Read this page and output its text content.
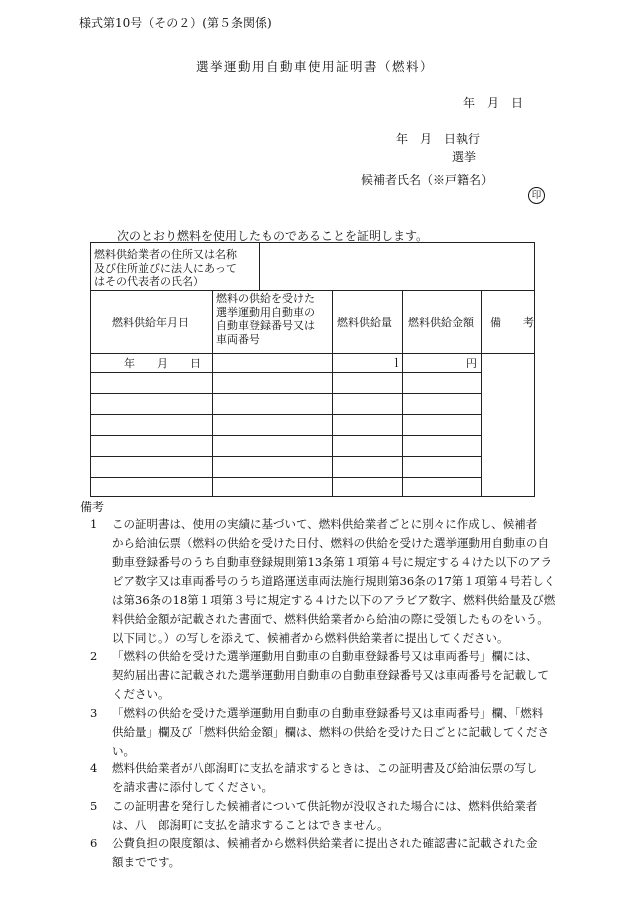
様式第10号（その２）(第５条関係)
選挙運動用自動車使用証明書（燃料）
年　月　日
年　月　日執行
選挙
候補者氏名（※戸籍名）
印
次のとおり燃料を使用したものであることを証明します。
燃料供給業者の住所又は名称
及び住所並びに法人にあって
はその代表者の氏名）
燃料供給年月日
燃料の供給を受けた
選挙運動用自動車の
自動車登録番号又は
車両番号
燃料供給量 燃料供給金額 備　　考
年　　月　　日	ｌ	円
備考
1 この証明書は、使用の実績に基づいて、燃料供給業者ごとに別々に作成し、候補者
から給油伝票（燃料の供給を受けた日付、燃料の供給を受けた選挙運動用自動車の自
動車登録番号のうち自動車登録規則第13条第１項第４号に規定する４けた以下のアラ
ビア数字又は車両番号のうち道路運送車両法施行規則第36条の17第１項第４号若しく
は第36条の18第１項第３号に規定する４けた以下のアラビア数字、燃料供給量及び燃
料供給金額が記載された書面で、燃料供給業者から給油の際に受領したものをいう。
以下同じ。）の写しを添えて、候補者から燃料供給業者に提出してください。
2 「燃料の供給を受けた選挙運動用自動車の自動車登録番号又は車両番号」欄には、
契約届出書に記載された選挙運動用自動車の自動車登録番号又は車両番号を記載して
ください。
3 「燃料の供給を受けた選挙運動用自動車の自動車登録番号又は車両番号」欄、「燃料
供給量」欄及び「燃料供給金額」欄は、燃料の供給を受けた日ごとに記載してくださ
い。
4 燃料供給業者が八郎潟町に支払を請求するときは、この証明書及び給油伝票の写し
を請求書に添付してください。
5 この証明書を発行した候補者について供託物が没収された場合には、燃料供給業者
は、八　郎潟町に支払を請求することはできません。
6 公費負担の限度額は、候補者から燃料供給業者に提出された確認書に記載された金
額までです。
